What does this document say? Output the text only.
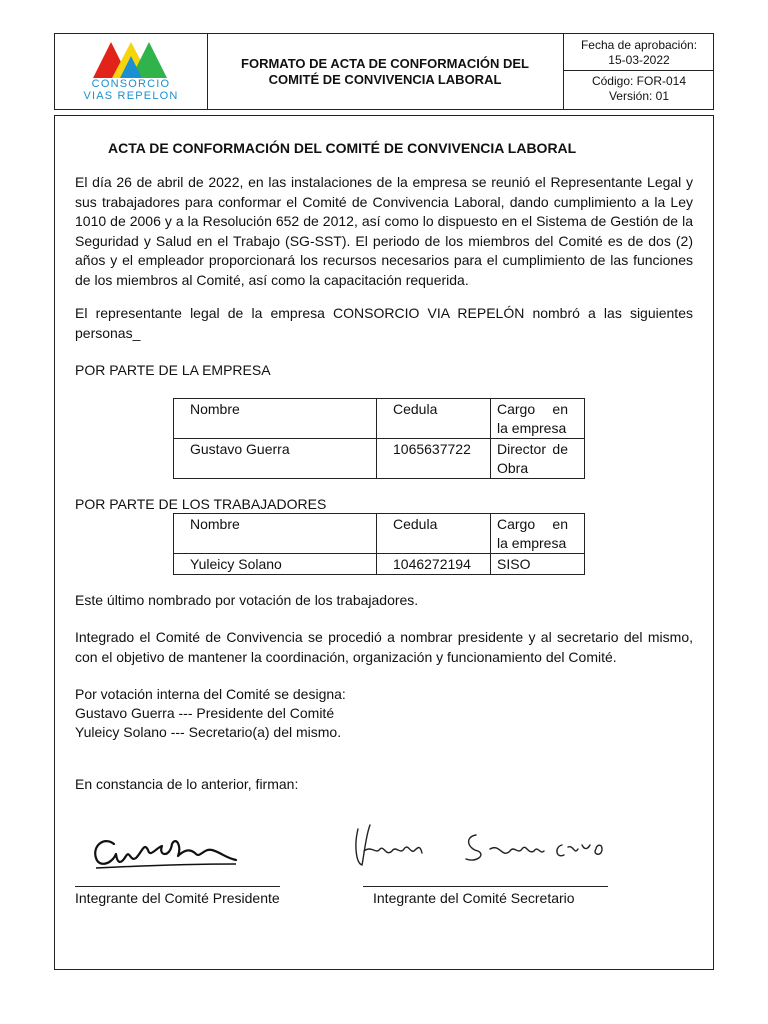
CONSORCIO
VIAS REPELON
FORMATO DE ACTA DE CONFORMACIÓN DEL COMITÉ DE CONVIVENCIA LABORAL
Fecha de aprobación:
15-03-2022
Código: FOR-014
Versión: 01
ACTA DE CONFORMACIÓN DEL COMITÉ DE CONVIVENCIA LABORAL

El día 26 de abril de 2022, en las instalaciones de la empresa se reunió el Representante Legal y sus trabajadores para conformar el Comité de Convivencia Laboral, dando cumplimiento a la Ley 1010 de 2006 y a la Resolución 652 de 2012, así como lo dispuesto en el Sistema de Gestión de la Seguridad y Salud en el Trabajo (SG-SST). El periodo de los miembros del Comité es de dos (2) años y el empleador proporcionará los recursos necesarios para el cumplimiento de las funciones de los miembros al Comité, así como la capacitación requerida.

El representante legal de la empresa CONSORCIO VIA REPELÓN nombró a las siguientes personas_

POR PARTE DE LA EMPRESA

Nombre	Cedula	Cargo en la empresa
Gustavo Guerra	1065637722	Director de Obra

POR PARTE DE LOS TRABAJADORES

Nombre	Cedula	Cargo en la empresa
Yuleicy Solano	1046272194	SISO

Este último nombrado por votación de los trabajadores.

Integrado el Comité de Convivencia se procedió a nombrar presidente y al secretario del mismo, con el objetivo de mantener la coordinación, organización y funcionamiento del Comité.

Por votación interna del Comité se designa:

Gustavo Guerra --- Presidente del Comité

Yuleicy Solano --- Secretario(a) del mismo.

En constancia de lo anterior, firman:

Integrante del Comité Presidente	Integrante del Comité Secretario
